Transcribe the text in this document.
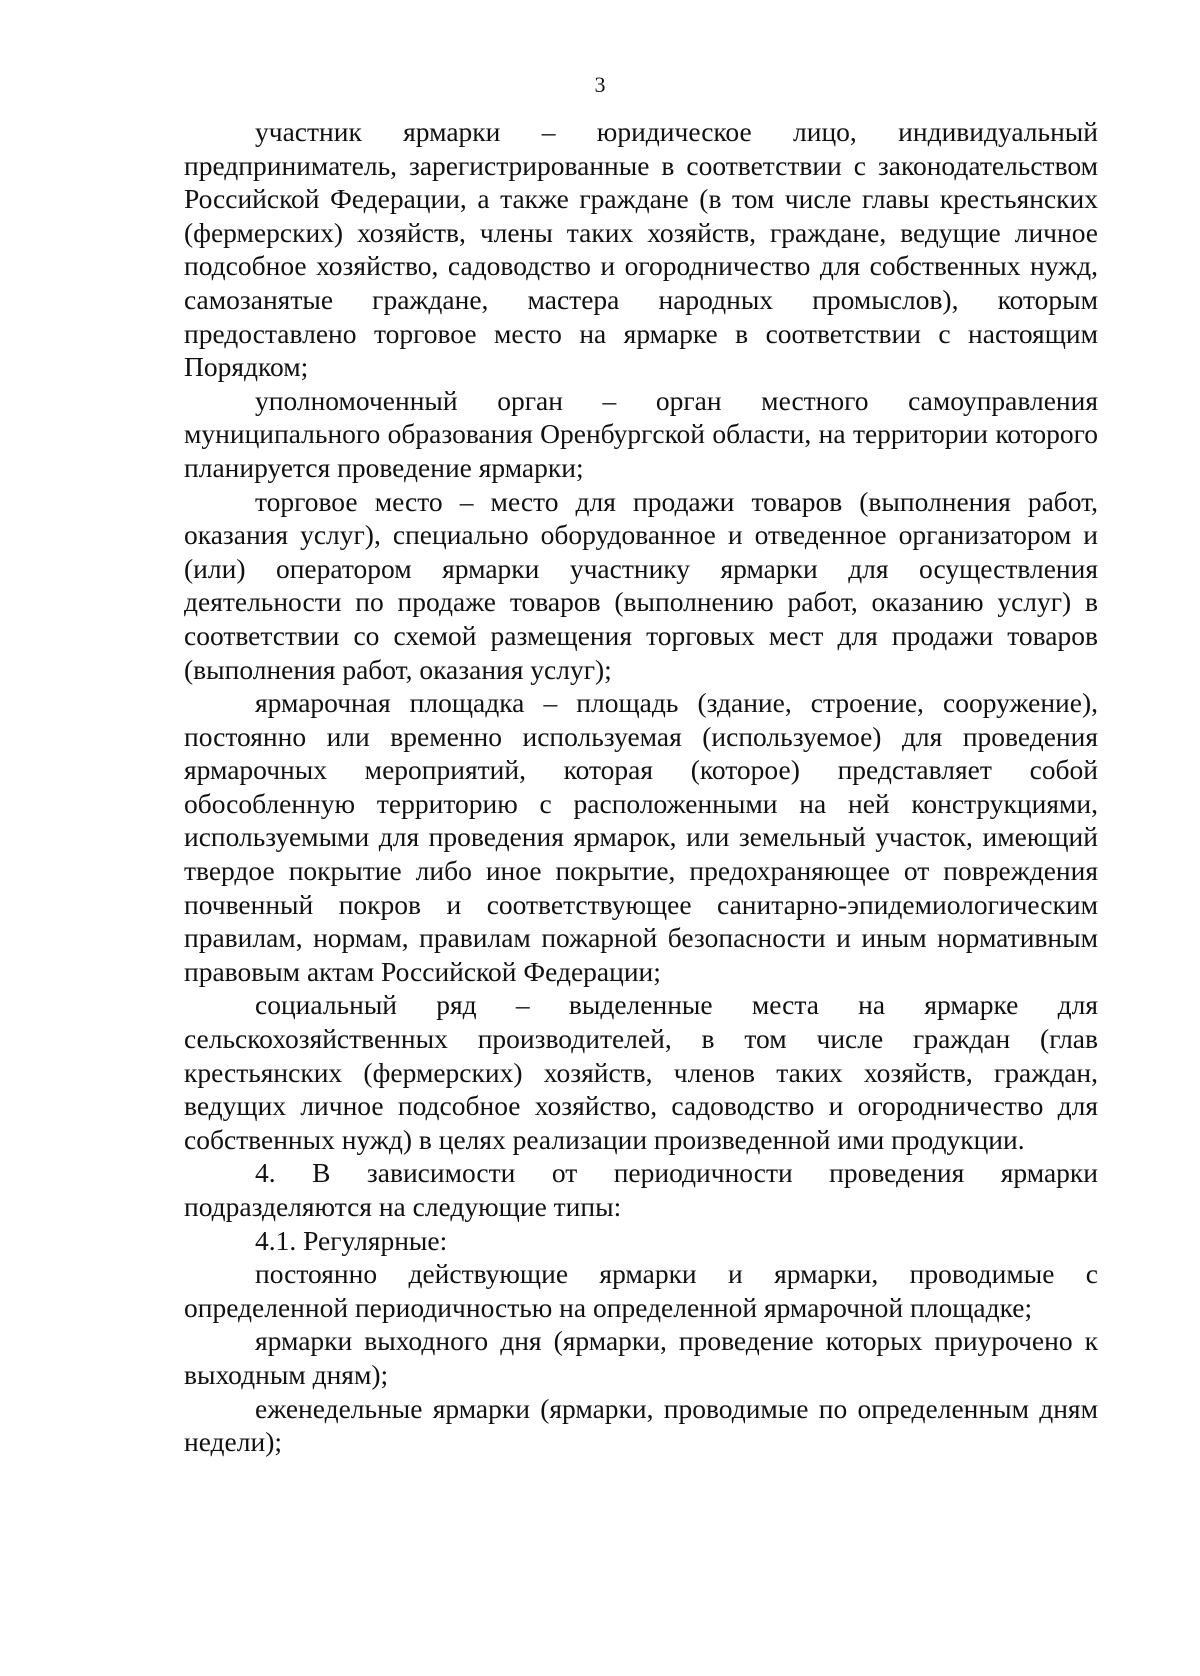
3

участник ярмарки – юридическое лицо, индивидуальный предприниматель, зарегистрированные в соответствии с законодательством Российской Федерации, а также граждане (в том числе главы крестьянских (фермерских) хозяйств, члены таких хозяйств, граждане, ведущие личное подсобное хозяйство, садоводство и огородничество для собственных нужд, самозанятые граждане, мастера народных промыслов), которым предоставлено торговое место на ярмарке в соответствии с настоящим Порядком;

уполномоченный орган – орган местного самоуправления муниципального образования Оренбургской области, на территории которого планируется проведение ярмарки;

торговое место – место для продажи товаров (выполнения работ, оказания услуг), специально оборудованное и отведенное организатором и (или) оператором ярмарки участнику ярмарки для осуществления деятельности по продаже товаров (выполнению работ, оказанию услуг) в соответствии со схемой размещения торговых мест для продажи товаров (выполнения работ, оказания услуг);

ярмарочная площадка – площадь (здание, строение, сооружение), постоянно или временно используемая (используемое) для проведения ярмарочных мероприятий, которая (которое) представляет собой обособленную территорию с расположенными на ней конструкциями, используемыми для проведения ярмарок, или земельный участок, имеющий твердое покрытие либо иное покрытие, предохраняющее от повреждения почвенный покров и соответствующее санитарно-эпидемиологическим правилам, нормам, правилам пожарной безопасности и иным нормативным правовым актам Российской Федерации;

социальный ряд – выделенные места на ярмарке для сельскохозяйственных производителей, в том числе граждан (глав крестьянских (фермерских) хозяйств, членов таких хозяйств, граждан, ведущих личное подсобное хозяйство, садоводство и огородничество для собственных нужд) в целях реализации произведенной ими продукции.

4. В зависимости от периодичности проведения ярмарки подразделяются на следующие типы:

4.1. Регулярные:

постоянно действующие ярмарки и ярмарки, проводимые с определенной периодичностью на определенной ярмарочной площадке;

ярмарки выходного дня (ярмарки, проведение которых приурочено к выходным дням);

еженедельные ярмарки (ярмарки, проводимые по определенным дням недели);
